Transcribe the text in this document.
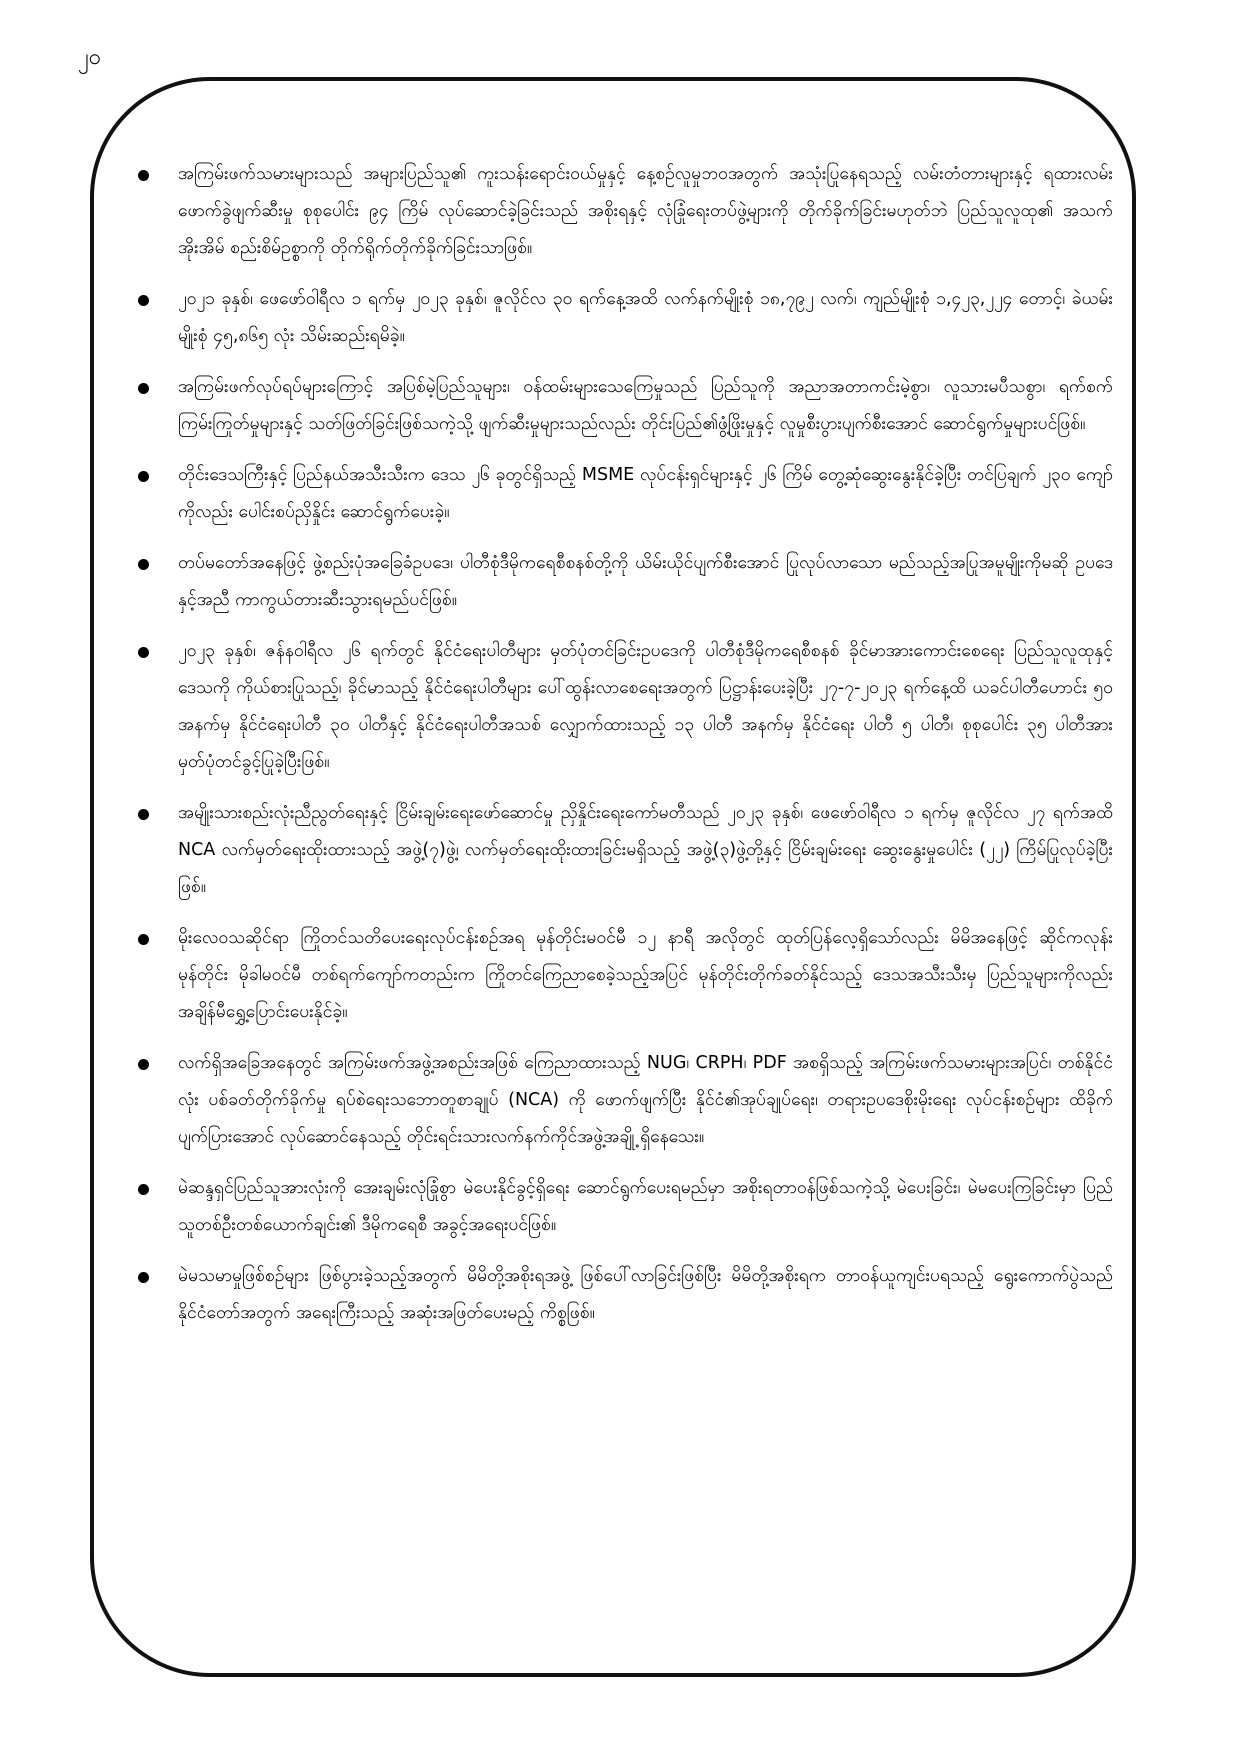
၂၀
အကြမ်းဖက်သမားများသည် အများပြည်သူ၏ ကူးသန်းရောင်းဝယ်မှုနှင့် နေ့စဉ်လူမှုဘဝအတွက် အသုံးပြုနေရသည့် လမ်းတံတားများနှင့် ရထားလမ်း ဖောက်ခွဲဖျက်ဆီးမှု စုစုပေါင်း ၉၄ ကြိမ် လုပ်ဆောင်ခဲ့ခြင်းသည် အစိုးရနှင့် လုံခြုံရေးတပ်ဖွဲ့များကို တိုက်ခိုက်ခြင်းမဟုတ်ဘဲ ပြည်သူလူထု၏ အသက်အိုးအိမ် စည်းစိမ်ဥစ္စာကို တိုက်ရိုက်တိုက်ခိုက်ခြင်းသာဖြစ်။
၂၀၂၁ ခုနှစ်၊ ဖေဖော်ဝါရီလ ၁ ရက်မှ ၂၀၂၃ ခုနှစ်၊ ဇူလိုင်လ ၃၀ ရက်နေ့အထိ လက်နက်မျိုးစုံ ၁၈,၇၉၂ လက်၊ ကျည်မျိုးစုံ ၁,၄၂၃,၂၂၄ တောင့်၊ ခဲယမ်းမျိုးစုံ ၄၅,၈၆၅ လုံး သိမ်းဆည်းရမိခဲ့။
အကြမ်းဖက်လုပ်ရပ်များကြောင့် အပြစ်မဲ့ပြည်သူများ၊ ဝန်ထမ်းများသေကြေမှုသည် ပြည်သူကို အညာအတာကင်းမဲ့စွာ၊ လူသားမပီသစွာ၊ ရက်စက်ကြမ်းကြုတ်မှုများနှင့် သတ်ဖြတ်ခြင်းဖြစ်သကဲ့သို့ ဖျက်ဆီးမှုများသည်လည်း တိုင်းပြည်၏ဖွံ့ဖြိုးမှုနှင့် လူမှုစီးပွားပျက်စီးအောင် ဆောင်ရွက်မှုများပင်ဖြစ်။
တိုင်းဒေသကြီးနှင့် ပြည်နယ်အသီးသီးက ဒေသ ၂၆ ခုတွင်ရှိသည့် MSME လုပ်ငန်းရှင်များနှင့် ၂၆ ကြိမ် တွေ့ဆုံဆွေးနွေးနိုင်ခဲ့ပြီး တင်ပြချက် ၂၃၀ ကျော်ကိုလည်း ပေါင်းစပ်ညှိနှိုင်း ဆောင်ရွက်ပေးခဲ့။
တပ်မတော်အနေဖြင့် ဖွဲ့စည်းပုံအခြေခံဥပဒေ၊ ပါတီစုံဒီမိုကရေစီစနစ်တို့ကို ယိမ်းယိုင်ပျက်စီးအောင် ပြုလုပ်လာသော မည်သည့်အပြုအမူမျိုးကိုမဆို ဥပဒေနှင့်အညီ ကာကွယ်တားဆီးသွားရမည်ပင်ဖြစ်။
၂၀၂၃ ခုနှစ်၊ ဇန်နဝါရီလ ၂၆ ရက်တွင် နိုင်ငံရေးပါတီများ မှတ်ပုံတင်ခြင်းဥပဒေကို ပါတီစုံဒီမိုကရေစီစနစ် ခိုင်မာအားကောင်းစေရေး ပြည်သူလူထုနှင့် ဒေသကို ကိုယ်စားပြုသည့်၊ ခိုင်မာသည့် နိုင်ငံရေးပါတီများ ပေါ်ထွန်းလာစေရေးအတွက် ပြဋ္ဌာန်းပေးခဲ့ပြီး ၂၇-၇-၂၀၂၃ ရက်နေ့ထိ ယခင်ပါတီဟောင်း ၅၀ အနက်မှ နိုင်ငံရေးပါတီ ၃၀ ပါတီနှင့် နိုင်ငံရေးပါတီအသစ် လျှောက်ထားသည့် ၁၃ ပါတီ အနက်မှ နိုင်ငံရေး ပါတီ ၅ ပါတီ၊ စုစုပေါင်း ၃၅ ပါတီအား မှတ်ပုံတင်ခွင့်ပြုခဲ့ပြီးဖြစ်။
အမျိုးသားစည်းလုံးညီညွတ်ရေးနှင့် ငြိမ်းချမ်းရေးဖော်ဆောင်မှု ညှိနှိုင်းရေးကော်မတီသည် ၂၀၂၃ ခုနှစ်၊ ဖေဖော်ဝါရီလ ၁ ရက်မှ ဇူလိုင်လ ၂၇ ရက်အထိ NCA လက်မှတ်ရေးထိုးထားသည့် အဖွဲ့(၇)ဖွဲ့၊ လက်မှတ်ရေးထိုးထားခြင်းမရှိသည့် အဖွဲ့(၃)ဖွဲ့တို့နှင့် ငြိမ်းချမ်းရေး ဆွေးနွေးမှုပေါင်း (၂၂) ကြိမ်ပြုလုပ်ခဲ့ပြီးဖြစ်။
မိုးလေဝသဆိုင်ရာ ကြိုတင်သတိပေးရေးလုပ်ငန်းစဉ်အရ မုန်တိုင်းမဝင်မီ ၁၂ နာရီ အလိုတွင် ထုတ်ပြန်လေ့ရှိသော်လည်း မိမိအနေဖြင့် ဆိုင်ကလုန်းမုန်တိုင်း မိုခါမဝင်မီ တစ်ရက်ကျော်ကတည်းက ကြိုတင်ကြေညာစေခဲ့သည့်အပြင် မုန်တိုင်းတိုက်ခတ်နိုင်သည့် ဒေသအသီးသီးမှ ပြည်သူများကိုလည်း အချိန်မီရွှေ့ပြောင်းပေးနိုင်ခဲ့။
လက်ရှိအခြေအနေတွင် အကြမ်းဖက်အဖွဲ့အစည်းအဖြစ် ကြေညာထားသည့် NUG၊ CRPH၊ PDF အစရှိသည့် အကြမ်းဖက်သမားများအပြင်၊ တစ်နိုင်ငံလုံး ပစ်ခတ်တိုက်ခိုက်မှု ရပ်စဲရေးသဘောတူစာချုပ် (NCA) ကို ဖောက်ဖျက်ပြီး နိုင်ငံ၏အုပ်ချုပ်ရေး၊ တရားဥပဒေစိုးမိုးရေး လုပ်ငန်းစဉ်များ ထိခိုက်ပျက်ပြားအောင် လုပ်ဆောင်နေသည့် တိုင်းရင်းသားလက်နက်ကိုင်အဖွဲ့အချို့ ရှိနေသေး။
မဲဆန္ဒရှင်ပြည်သူအားလုံးကို အေးချမ်းလုံခြုံစွာ မဲပေးနိုင်ခွင့်ရှိရေး ဆောင်ရွက်ပေးရမည်မှာ အစိုးရတာဝန်ဖြစ်သကဲ့သို့ မဲပေးခြင်း၊ မဲမပေးကြခြင်းမှာ ပြည်သူတစ်ဦးတစ်ယောက်ချင်း၏ ဒီမိုကရေစီ အခွင့်အရေးပင်ဖြစ်။
မဲမသမာမှုဖြစ်စဉ်များ ဖြစ်ပွားခဲ့သည့်အတွက် မိမိတို့အစိုးရအဖွဲ့ ဖြစ်ပေါ်လာခြင်းဖြစ်ပြီး မိမိတို့အစိုးရက တာဝန်ယူကျင်းပရသည့် ရွေးကောက်ပွဲသည် နိုင်ငံတော်အတွက် အရေးကြီးသည့် အဆုံးအဖြတ်ပေးမည့် ကိစ္စဖြစ်။
